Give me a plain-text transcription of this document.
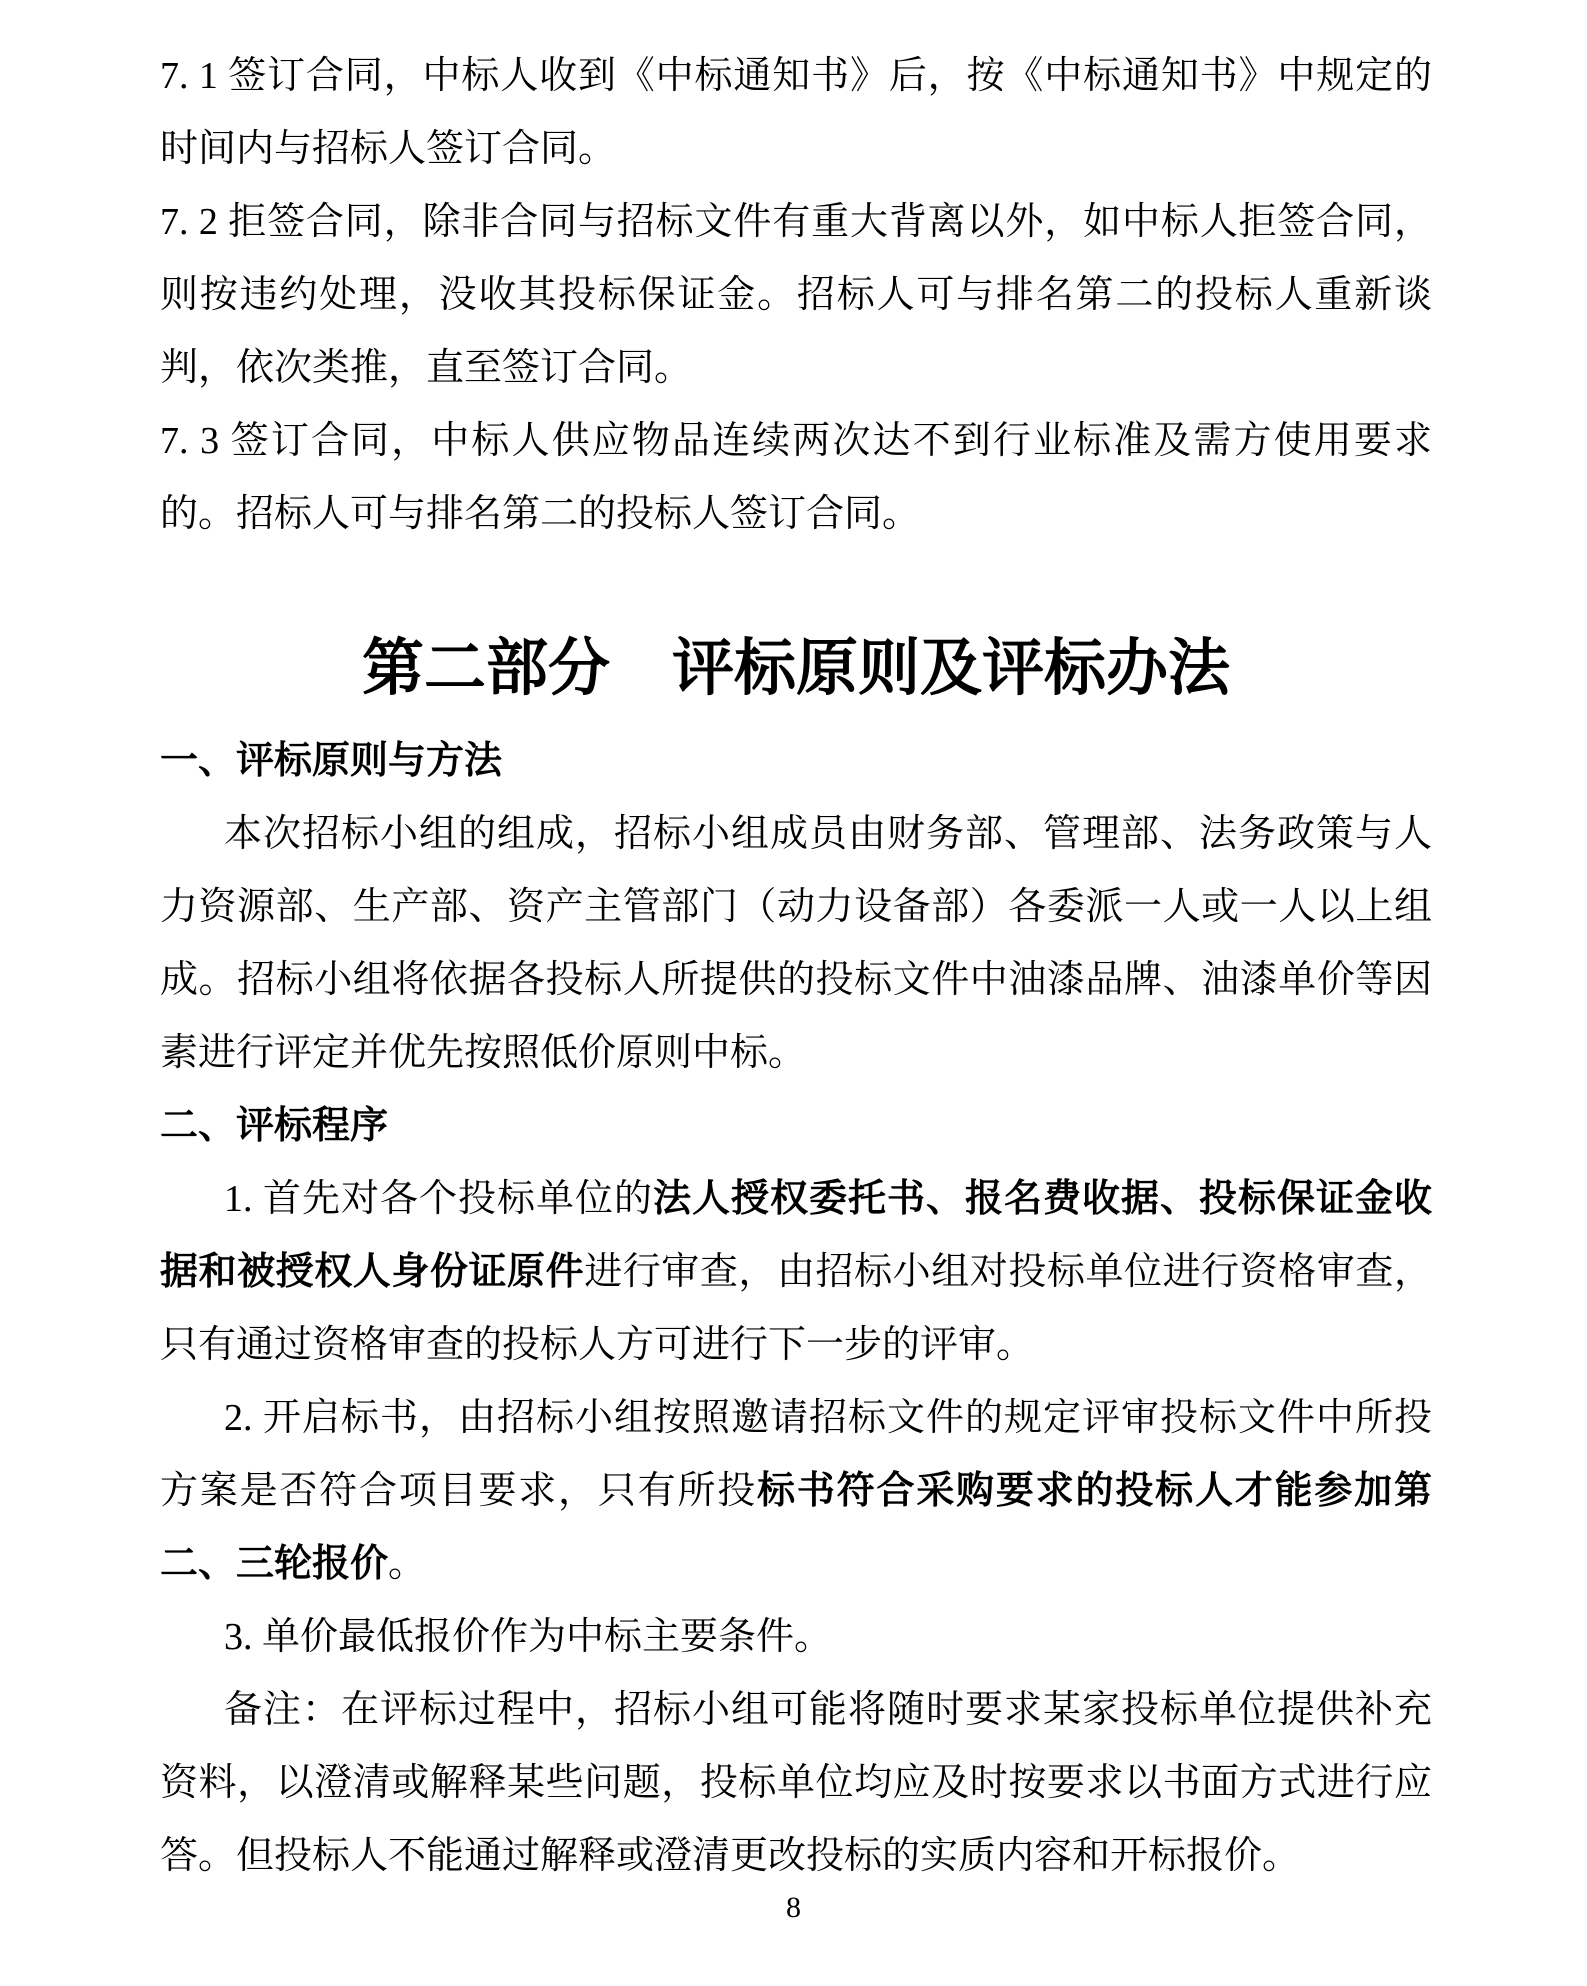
7. 1 签订合同，中标人收到《中标通知书》后，按《中标通知书》中规定的时间内与招标人签订合同。

7. 2 拒签合同，除非合同与招标文件有重大背离以外，如中标人拒签合同，则按违约处理，没收其投标保证金。招标人可与排名第二的投标人重新谈判，依次类推，直至签订合同。

7. 3 签订合同，中标人供应物品连续两次达不到行业标准及需方使用要求的。招标人可与排名第二的投标人签订合同。

第二部分　评标原则及评标办法

一、评标原则与方法

本次招标小组的组成，招标小组成员由财务部、管理部、法务政策与人力资源部、生产部、资产主管部门（动力设备部）各委派一人或一人以上组成。招标小组将依据各投标人所提供的投标文件中油漆品牌、油漆单价等因素进行评定并优先按照低价原则中标。

二、评标程序

1. 首先对各个投标单位的法人授权委托书、报名费收据、投标保证金收据和被授权人身份证原件进行审查，由招标小组对投标单位进行资格审查，只有通过资格审查的投标人方可进行下一步的评审。

2. 开启标书，由招标小组按照邀请招标文件的规定评审投标文件中所投方案是否符合项目要求，只有所投标书符合采购要求的投标人才能参加第二、三轮报价。

3. 单价最低报价作为中标主要条件。

备注：在评标过程中，招标小组可能将随时要求某家投标单位提供补充资料，以澄清或解释某些问题，投标单位均应及时按要求以书面方式进行应答。但投标人不能通过解释或澄清更改投标的实质内容和开标报价。

8
